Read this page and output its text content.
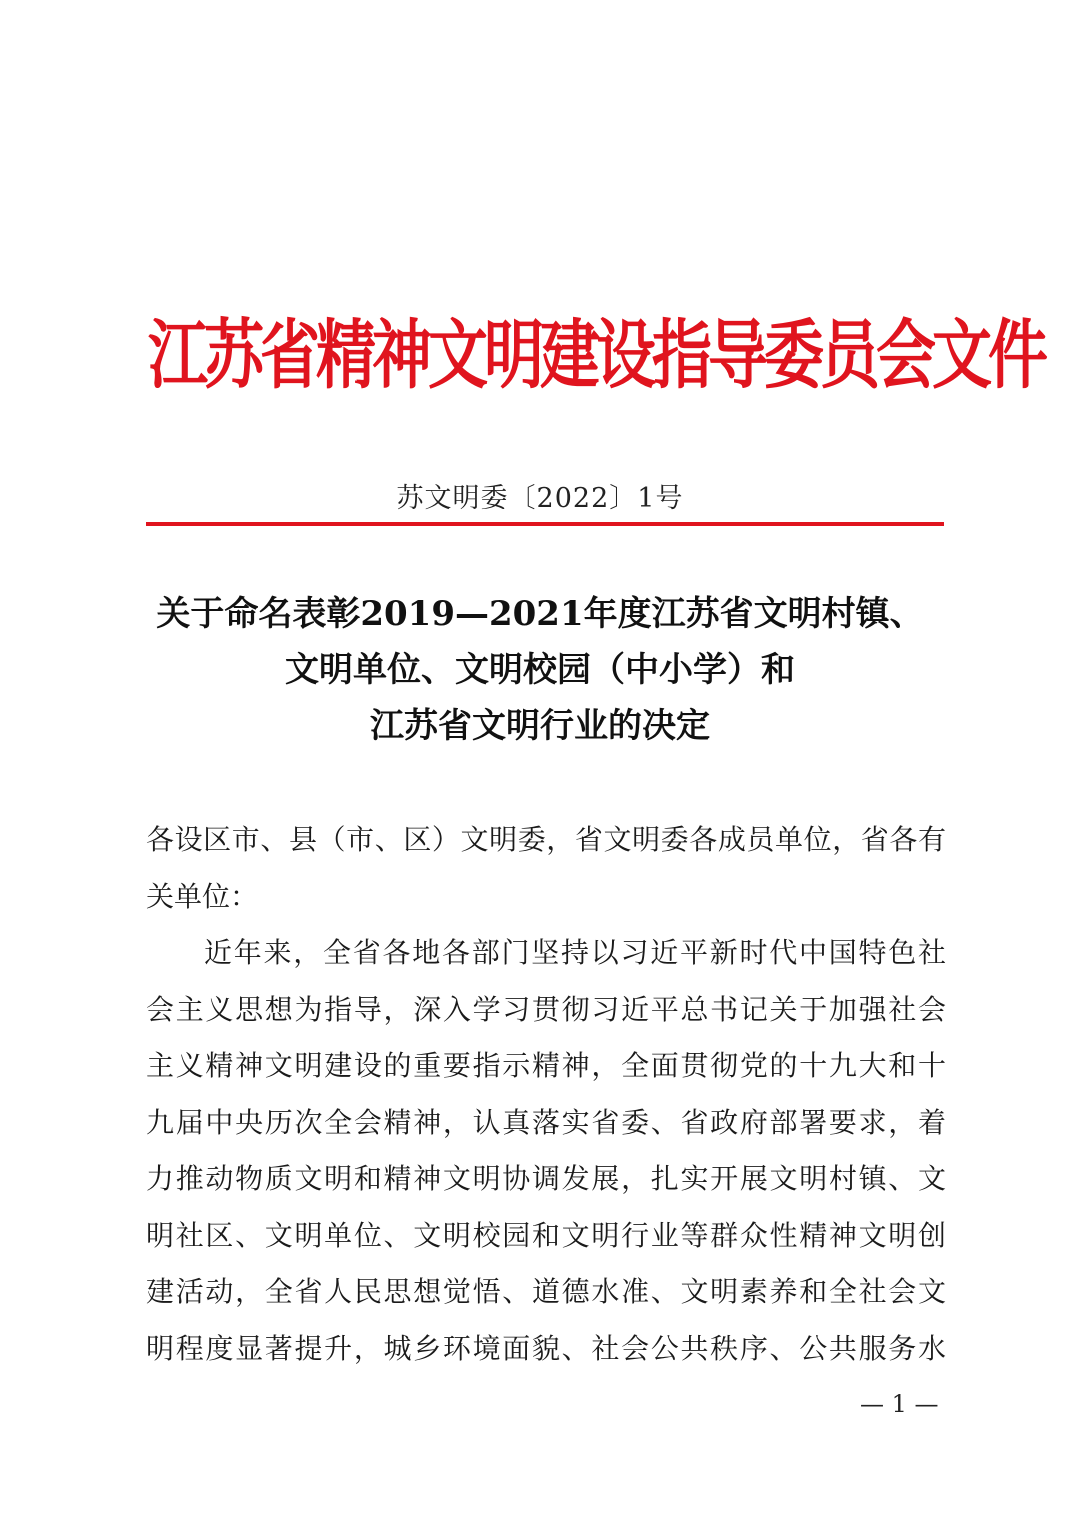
江苏省精神文明建设指导委员会文件
苏文明委〔2022〕1号
关于命名表彰2019—2021年度江苏省文明村镇、
文明单位、文明校园（中小学）和
江苏省文明行业的决定
各设区市、县（市、区）文明委，省文明委各成员单位，省各有
关单位：
近年来，全省各地各部门坚持以习近平新时代中国特色社
会主义思想为指导，深入学习贯彻习近平总书记关于加强社会
主义精神文明建设的重要指示精神，全面贯彻党的十九大和十
九届中央历次全会精神，认真落实省委、省政府部署要求，着
力推动物质文明和精神文明协调发展，扎实开展文明村镇、文
明社区、文明单位、文明校园和文明行业等群众性精神文明创
建活动，全省人民思想觉悟、道德水准、文明素养和全社会文
明程度显著提升，城乡环境面貌、社会公共秩序、公共服务水
— 1 —
